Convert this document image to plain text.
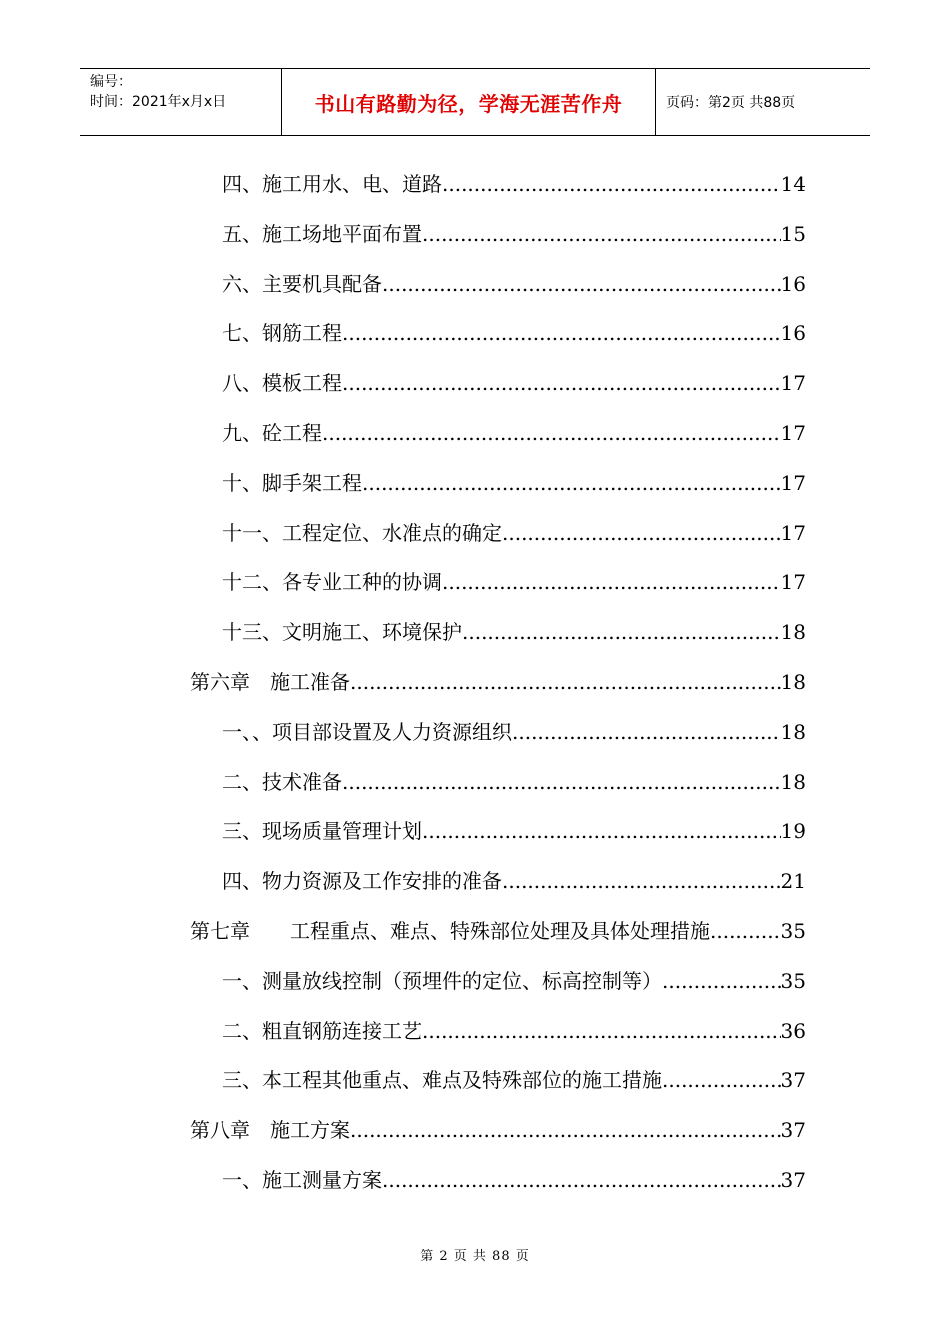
编号：
时间：2021年x月x日	书山有路勤为径，学海无涯苦作舟	页码：第2页 共88页
四、施工用水、电、道路 .....	14
五、施工场地平面布置 .....	15
六、主要机具配备 .....	16
七、钢筋工程 .....	16
八、模板工程 .....	17
九、砼工程 .....	17
十、脚手架工程 .....	17
十一、工程定位、水准点的确定 .....	17
十二、各专业工种的协调 .....	17
十三、文明施工、环境保护 .....	18
第六章　施工准备 .....	18
一、、项目部设置及人力资源组织 .....	18
二、技术准备 .....	18
三、现场质量管理计划 .....	19
四、物力资源及工作安排的准备 .....	21
第七章　　工程重点、难点、特殊部位处理及具体处理措施 .....	35
一、测量放线控制（预埋件的定位、标高控制等） .....	35
二、粗直钢筋连接工艺 .....	36
三、本工程其他重点、难点及特殊部位的施工措施 .....	37
第八章　施工方案 .....	37
一、施工测量方案 .....	37
第 2 页 共 88 页
